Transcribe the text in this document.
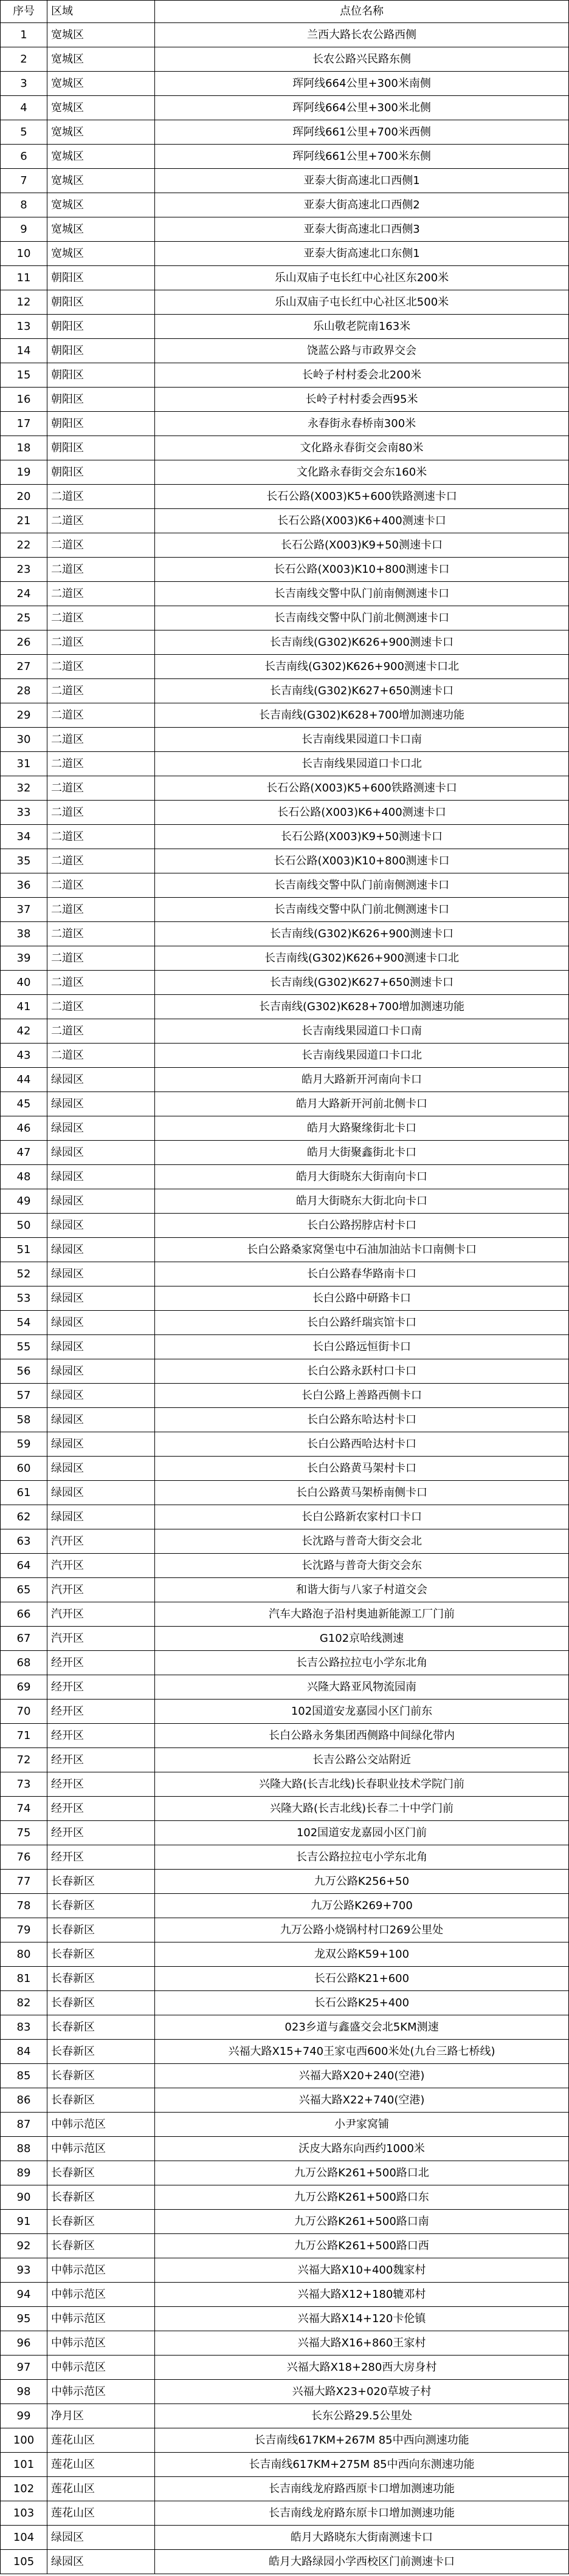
序号	区域	点位名称
1	宽城区	兰西大路长农公路西侧
2	宽城区	长农公路兴民路东侧
3	宽城区	珲阿线664公里+300米南侧
4	宽城区	珲阿线664公里+300米北侧
5	宽城区	珲阿线661公里+700米西侧
6	宽城区	珲阿线661公里+700米东侧
7	宽城区	亚泰大街高速北口西侧1
8	宽城区	亚泰大街高速北口西侧2
9	宽城区	亚泰大街高速北口西侧3
10	宽城区	亚泰大街高速北口东侧1
11	朝阳区	乐山双庙子屯长红中心社区东200米
12	朝阳区	乐山双庙子屯长红中心社区北500米
13	朝阳区	乐山敬老院南163米
14	朝阳区	饶蓝公路与市政界交会
15	朝阳区	长岭子村村委会北200米
16	朝阳区	长岭子村村委会西95米
17	朝阳区	永春街永春桥南300米
18	朝阳区	文化路永春街交会南80米
19	朝阳区	文化路永春街交会东160米
20	二道区	长石公路(X003)K5+600铁路测速卡口
21	二道区	长石公路(X003)K6+400测速卡口
22	二道区	长石公路(X003)K9+50测速卡口
23	二道区	长石公路(X003)K10+800测速卡口
24	二道区	长吉南线交警中队门前南侧测速卡口
25	二道区	长吉南线交警中队门前北侧测速卡口
26	二道区	长吉南线(G302)K626+900测速卡口
27	二道区	长吉南线(G302)K626+900测速卡口北
28	二道区	长吉南线(G302)K627+650测速卡口
29	二道区	长吉南线(G302)K628+700增加测速功能
30	二道区	长吉南线果园道口卡口南
31	二道区	长吉南线果园道口卡口北
32	二道区	长石公路(X003)K5+600铁路测速卡口
33	二道区	长石公路(X003)K6+400测速卡口
34	二道区	长石公路(X003)K9+50测速卡口
35	二道区	长石公路(X003)K10+800测速卡口
36	二道区	长吉南线交警中队门前南侧测速卡口
37	二道区	长吉南线交警中队门前北侧测速卡口
38	二道区	长吉南线(G302)K626+900测速卡口
39	二道区	长吉南线(G302)K626+900测速卡口北
40	二道区	长吉南线(G302)K627+650测速卡口
41	二道区	长吉南线(G302)K628+700增加测速功能
42	二道区	长吉南线果园道口卡口南
43	二道区	长吉南线果园道口卡口北
44	绿园区	皓月大路新开河南向卡口
45	绿园区	皓月大路新开河前北侧卡口
46	绿园区	皓月大路聚缘街北卡口
47	绿园区	皓月大街聚鑫街北卡口
48	绿园区	皓月大街晓东大街南向卡口
49	绿园区	皓月大街晓东大街北向卡口
50	绿园区	长白公路拐脖店村卡口
51	绿园区	长白公路桑家窝堡屯中石油加油站卡口南侧卡口
52	绿园区	长白公路春华路南卡口
53	绿园区	长白公路中研路卡口
54	绿园区	长白公路纤瑞宾馆卡口
55	绿园区	长白公路远恒街卡口
56	绿园区	长白公路永跃村口卡口
57	绿园区	长白公路上善路西侧卡口
58	绿园区	长白公路东哈达村卡口
59	绿园区	长白公路西哈达村卡口
60	绿园区	长白公路黄马架村卡口
61	绿园区	长白公路黄马架桥南侧卡口
62	绿园区	长白公路新农家村口卡口
63	汽开区	长沈路与普奇大街交会北
64	汽开区	长沈路与普奇大街交会东
65	汽开区	和谐大街与八家子村道交会
66	汽开区	汽车大路泡子沿村奥迪新能源工厂门前
67	汽开区	G102京哈线测速
68	经开区	长吉公路拉拉屯小学东北角
69	经开区	兴隆大路亚风物流园南
70	经开区	102国道安龙嘉园小区门前东
71	经开区	长白公路永务集团西侧路中间绿化带内
72	经开区	长吉公路公交站附近
73	经开区	兴隆大路(长吉北线)长春职业技术学院门前
74	经开区	兴隆大路(长吉北线)长春二十中学门前
75	经开区	102国道安龙嘉园小区门前
76	经开区	长吉公路拉拉屯小学东北角
77	长春新区	九万公路K256+50
78	长春新区	九万公路K269+700
79	长春新区	九万公路小烧锅村村口269公里处
80	长春新区	龙双公路K59+100
81	长春新区	长石公路K21+600
82	长春新区	长石公路K25+400
83	长春新区	023乡道与鑫盛交会北5KM测速
84	长春新区	兴福大路X15+740王家屯西600米处(九台三路七桥线)
85	长春新区	兴福大路X20+240(空港)
86	长春新区	兴福大路X22+740(空港)
87	中韩示范区	小尹家窝铺
88	中韩示范区	沃皮大路东向西约1000米
89	长春新区	九万公路K261+500路口北
90	长春新区	九万公路K261+500路口东
91	长春新区	九万公路K261+500路口南
92	长春新区	九万公路K261+500路口西
93	中韩示范区	兴福大路X10+400魏家村
94	中韩示范区	兴福大路X12+180辘邓村
95	中韩示范区	兴福大路X14+120卡伦镇
96	中韩示范区	兴福大路X16+860王家村
97	中韩示范区	兴福大路X18+280西大房身村
98	中韩示范区	兴福大路X23+020草坡子村
99	净月区	长东公路29.5公里处
100	莲花山区	长吉南线617KM+267M 85中西向测速功能
101	莲花山区	长吉南线617KM+275M 85中西向东测速功能
102	莲花山区	长吉南线龙府路西原卡口增加测速功能
103	莲花山区	长吉南线龙府路东原卡口增加测速功能
104	绿园区	皓月大路晓东大街南测速卡口
105	绿园区	皓月大路绿园小学西校区门前测速卡口
